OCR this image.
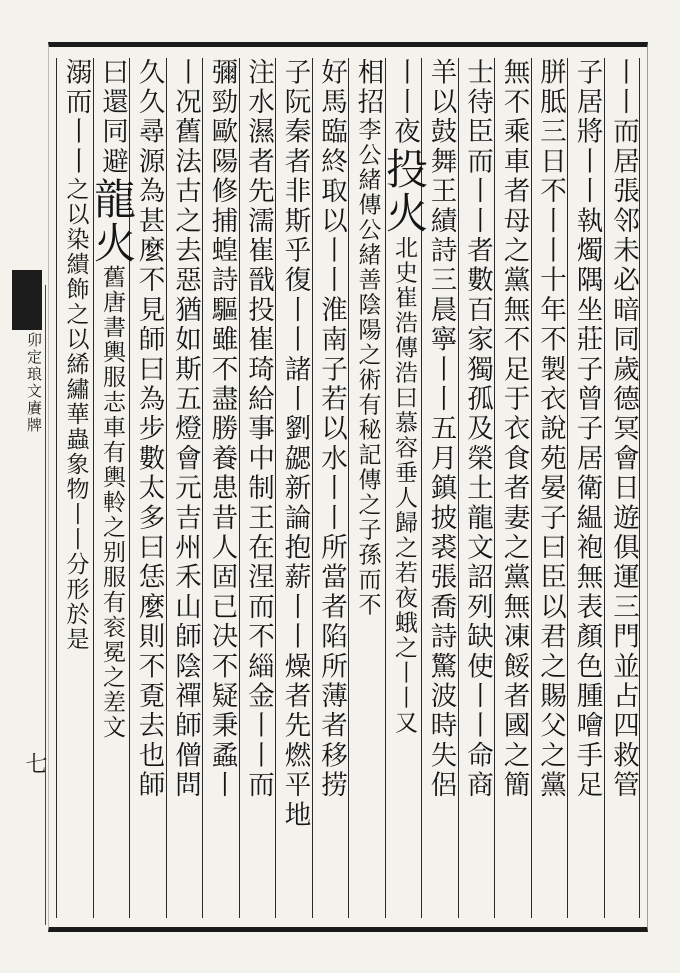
卯定琅文賡牌
七	丨丨而居張邻未必暗同歲德冥會日遊俱運三門並占四救管
子居將丨丨執燭隅坐莊子曾子居衛緼袍無表顏色腫噲手足
胼胝三日不丨丨十年不製衣說苑晏子曰臣以君之賜父之黨
無不乘車者母之黨無不足于衣食者妻之黨無凍餒者國之簡
士待臣而丨丨者數百家獨孤及榮土龍文詔列缺使丨丨命商
羊以鼓舞王績詩三晨寧丨丨五月鎮披裘張喬詩驚波時失侶
丨丨夜投火北史崔浩傳浩曰慕容垂人歸之若夜蛾之丨丨又
相招李公緒傳公緒善陰陽之術有秘記傳之子孫而不
好馬臨終取以丨丨淮南子若以水丨丨所當者陷所薄者移捞
子阮秦者非斯乎復丨丨諸丨劉勰新論抱薪丨丨燥者先燃平地
注水濕者先濡崔戩投崔琦給事中制王在涅而不緇金丨丨而
彌勁歐陽修捕蝗詩驅雖不盡勝養患昔人固已决不疑秉蟊丨
丨况舊法古之去惡猶如斯五燈會元吉州禾山師陰禪師僧問
久久尋源為甚麼不見師曰為步數太多曰恁麼則不覔去也師
曰還同避龍火舊唐書輿服志車有輿軨之别服有衮冕之差文
溺而丨丨之以染繢飾之以絺繡華蟲象物丨丨分形於是
